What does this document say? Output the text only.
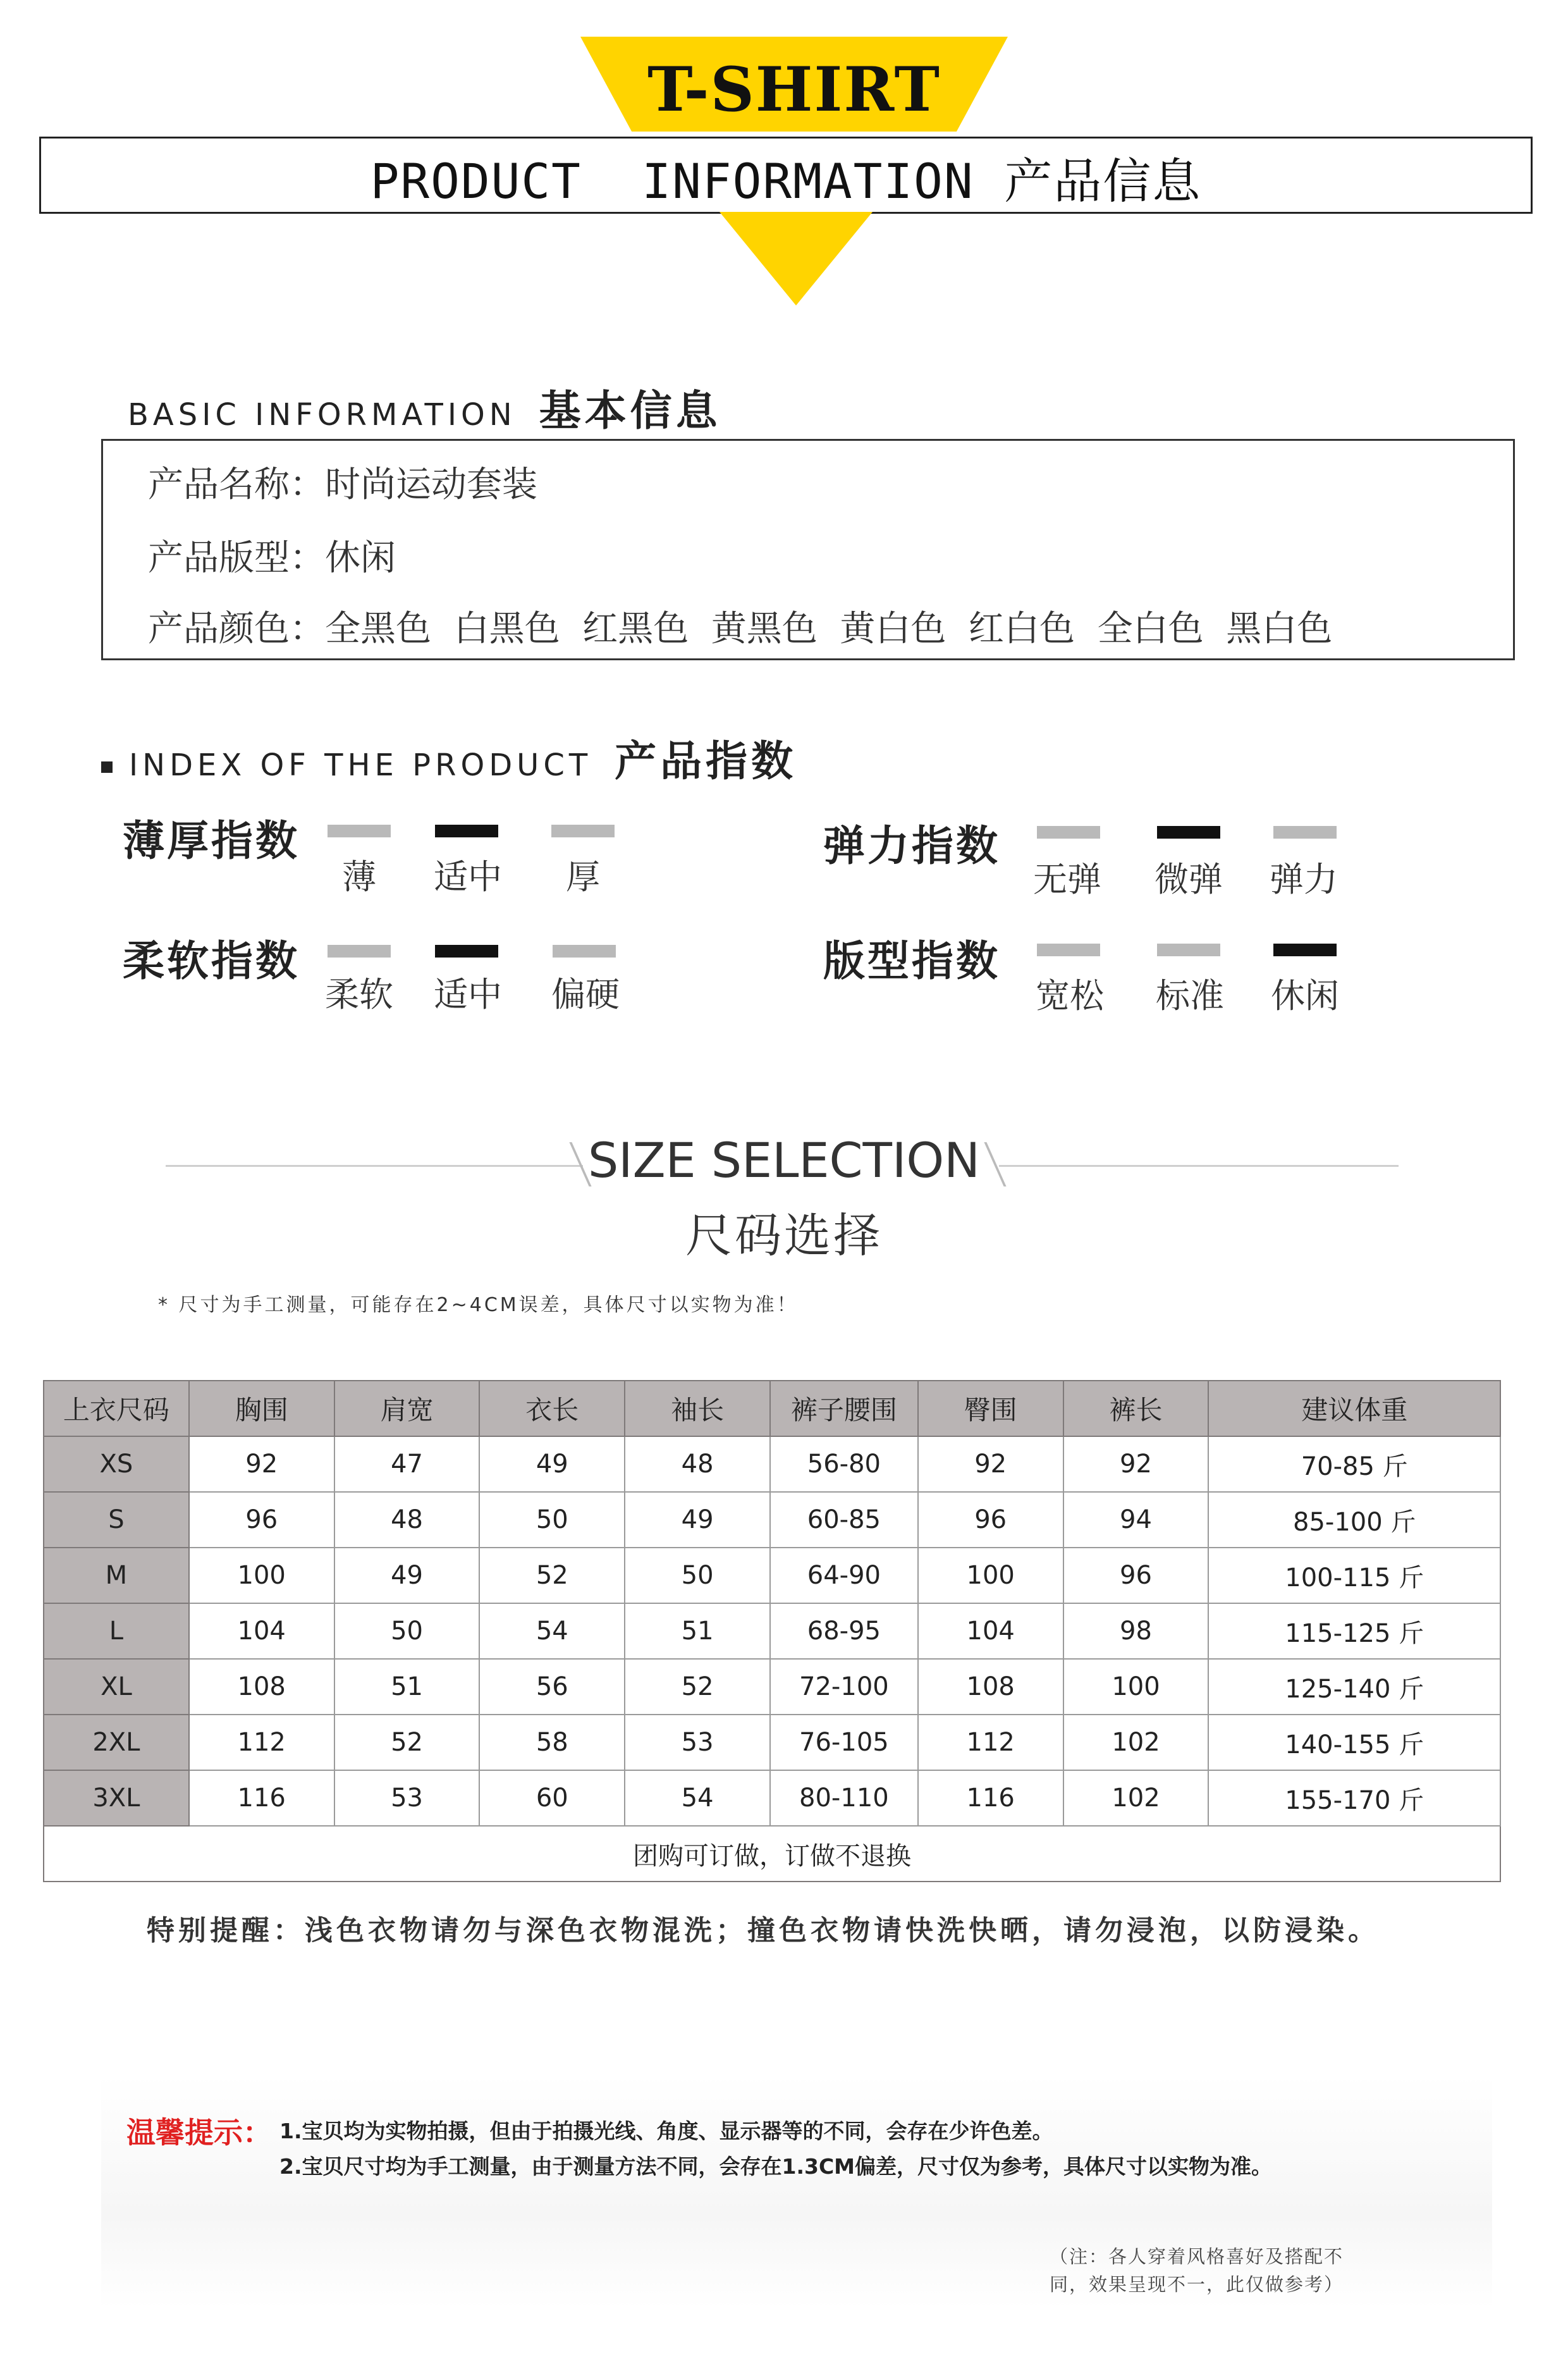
T-SHIRT
PRODUCT  INFORMATION 产品信息
BASIC INFORMATION 基本信息
产品名称：时尚运动套装
产品版型：休闲
产品颜色：全黑色  白黑色  红黑色  黄黑色  黄白色  红白色  全白色  黑白色
INDEX OF THE PRODUCT 产品指数
薄厚指数
薄	适中	厚
弹力指数
无弹	微弹	弹力
柔软指数
柔软	适中	偏硬
版型指数
宽松	标准	休闲
SIZE SELECTION
尺码选择
* 尺寸为手工测量，可能存在2~4CM误差，具体尺寸以实物为准！
上衣尺码	胸围	肩宽	衣长	袖长	裤子腰围	臀围	裤长	建议体重
XS	92	47	49	48	56-80	92	92	70-85 斤
S	96	48	50	49	60-85	96	94	85-100 斤
M	100	49	52	50	64-90	100	96	100-115 斤
L	104	50	54	51	68-95	104	98	115-125 斤
XL	108	51	56	52	72-100	108	100	125-140 斤
2XL	112	52	58	53	76-105	112	102	140-155 斤
3XL	116	53	60	54	80-110	116	102	155-170 斤
团购可订做，订做不退换								
特别提醒：浅色衣物请勿与深色衣物混洗；撞色衣物请快洗快晒，请勿浸泡，以防浸染。
温馨提示： 1.宝贝均为实物拍摄，但由于拍摄光线、角度、显示器等的不同，会存在少许色差。
2.宝贝尺寸均为手工测量，由于测量方法不同，会存在1.3CM偏差，尺寸仅为参考，具体尺寸以实物为准。
（注：各人穿着风格喜好及搭配不
同，效果呈现不一，此仅做参考）
